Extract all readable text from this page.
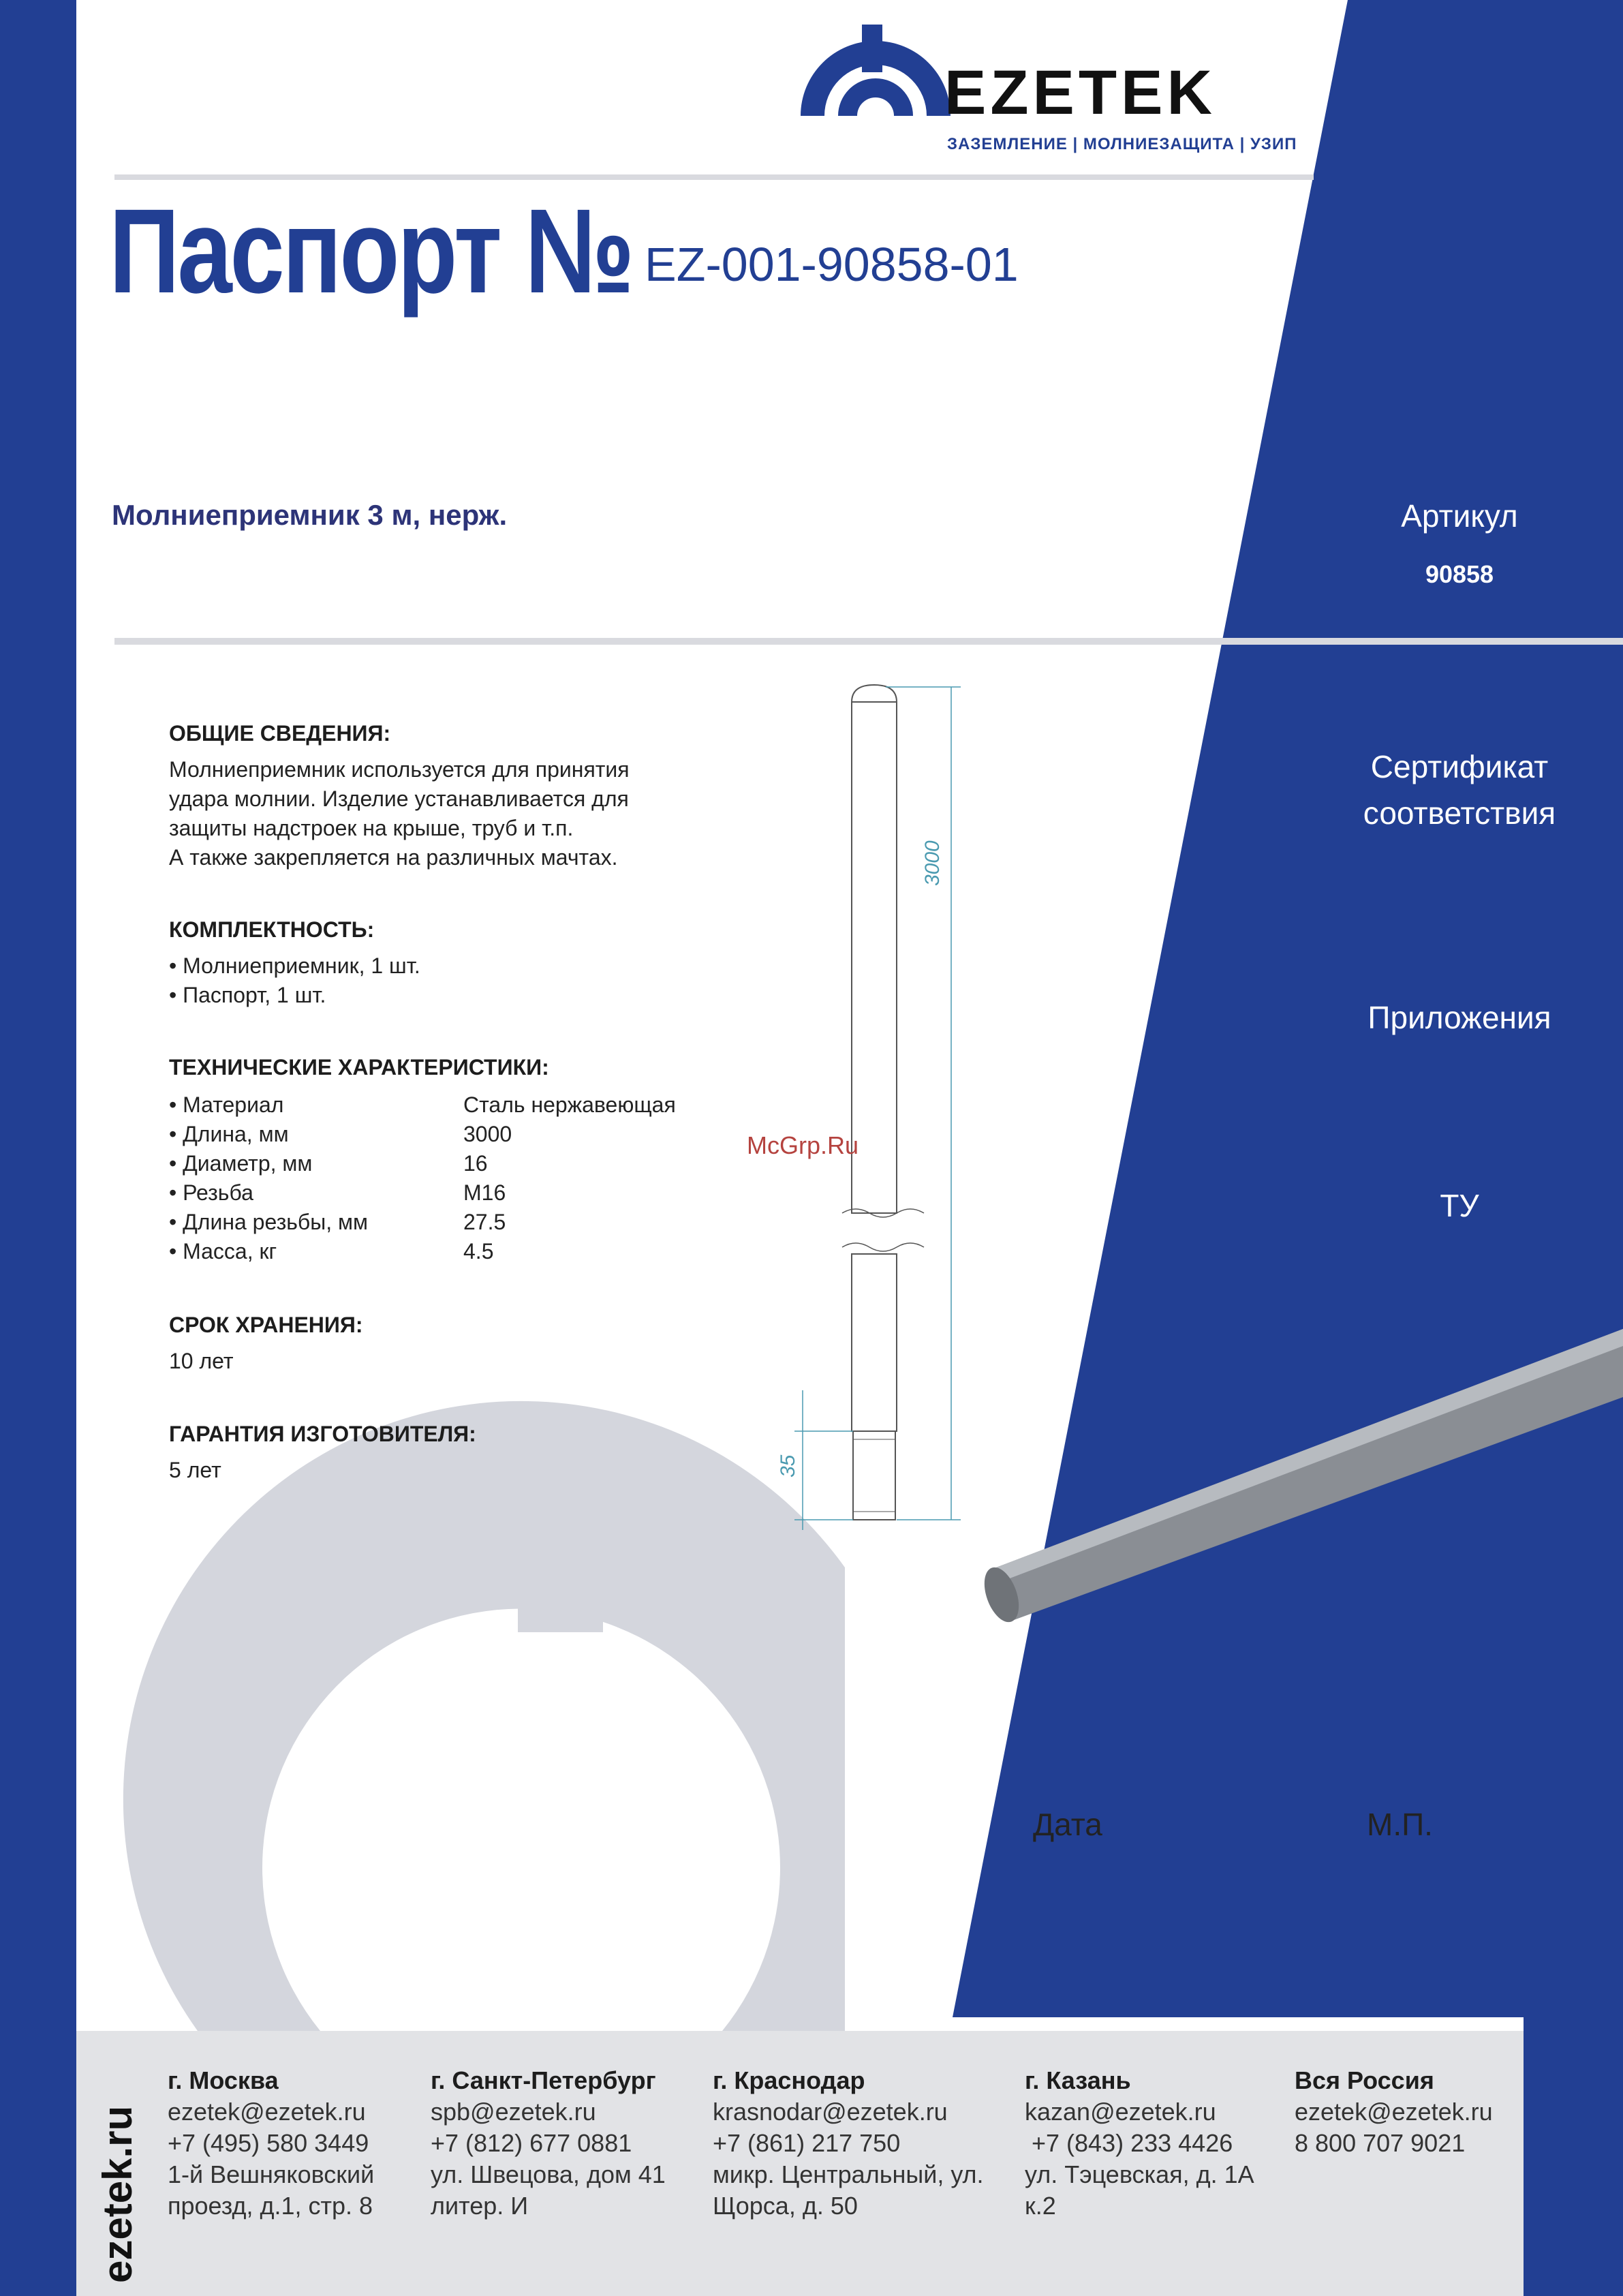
EZETEK
ЗАЗЕМЛЕНИЕ | МОЛНИЕЗАЩИТА | УЗИП
Паспорт № EZ-001-90858-01
Молниеприемник 3 м, нерж.	Артикул
90858
Сертификат
соответствия
Приложения
ТУ
ОБЩИЕ СВЕДЕНИЯ:
Молниеприемник используется для принятия
удара молнии. Изделие устанавливается для
защиты надстроек на крыше, труб и т.п.
А также закрепляется на различных мачтах.
КОМПЛЕКТНОСТЬ:
• Молниеприемник, 1 шт.
• Паспорт, 1 шт.
ТЕХНИЧЕСКИЕ ХАРАКТЕРИСТИКИ:
• Материал	Сталь нержавеющая
• Длина, мм	3000
• Диаметр, мм	16
• Резьба	М16
• Длина резьбы, мм	27.5
• Масса, кг	4.5
СРОК ХРАНЕНИЯ:
10 лет
ГАРАНТИЯ ИЗГОТОВИТЕЛЯ:
5 лет
3000
35
McGrp.Ru
Дата	М.П.
ezetek.ru
г. Москва
ezetek@ezetek.ru
+7 (495) 580 3449
1-й Вешняковский
проезд, д.1, стр. 8
г. Санкт-Петербург
spb@ezetek.ru
+7 (812) 677 0881
ул. Швецова, дом 41
литер. И
г. Краснодар
krasnodar@ezetek.ru
+7 (861) 217 750
микр. Центральный, ул.
Щорса, д. 50
г. Казань
kazan@ezetek.ru
+7 (843) 233 4426
ул. Тэцевская, д. 1А
к.2
Вся Россия
ezetek@ezetek.ru
8 800 707 9021
